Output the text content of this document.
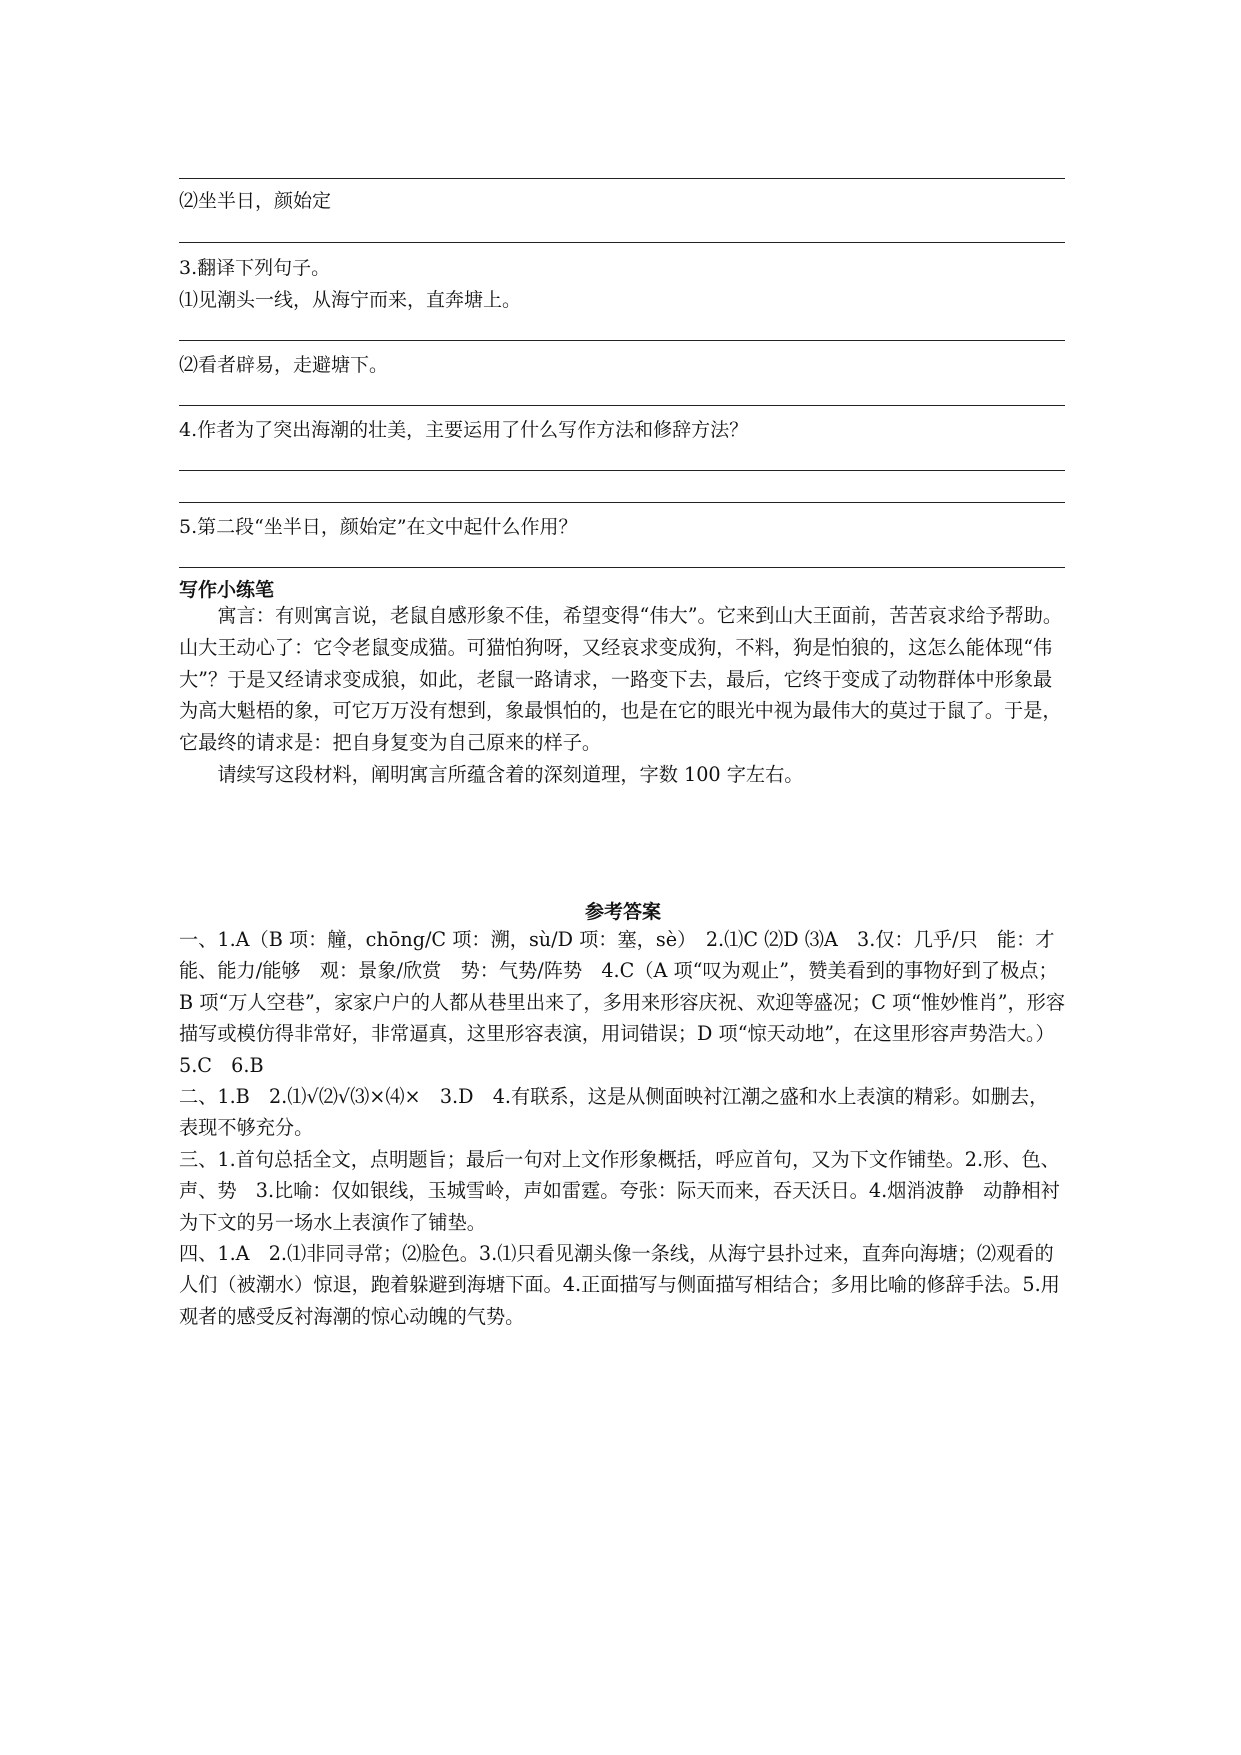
⑵坐半日，颜始定
3.翻译下列句子。
⑴见潮头一线，从海宁而来，直奔塘上。
⑵看者辟易，走避塘下。
4.作者为了突出海潮的壮美，主要运用了什么写作方法和修辞方法？
5.第二段“坐半日，颜始定”在文中起什么作用？
写作小练笔

寓言：有则寓言说，老鼠自感形象不佳，希望变得“伟大”。它来到山大王面前，苦苦哀求给予帮助。山大王动心了：它令老鼠变成猫。可猫怕狗呀，又经哀求变成狗，不料，狗是怕狼的，这怎么能体现“伟大”？于是又经请求变成狼，如此，老鼠一路请求，一路变下去，最后，它终于变成了动物群体中形象最为高大魁梧的象，可它万万没有想到，象最惧怕的，也是在它的眼光中视为最伟大的莫过于鼠了。于是，它最终的请求是：把自身复变为自己原来的样子。

请续写这段材料，阐明寓言所蕴含着的深刻道理，字数 100 字左右。

参考答案

一、1.A（B 项：艟，chōng/C 项：溯，sù/D 项：塞，sè）　2.⑴C ⑵D ⑶A　3.仅：几乎/只　能：才能、能力/能够　观：景象/欣赏　势：气势/阵势　4.C（A 项“叹为观止”，赞美看到的事物好到了极点；B 项“万人空巷”，家家户户的人都从巷里出来了，多用来形容庆祝、欢迎等盛况；C 项“惟妙惟肖”，形容描写或模仿得非常好，非常逼真，这里形容表演，用词错误；D 项“惊天动地”，在这里形容声势浩大。）　5.C　6.B

二、1.B　2.⑴√⑵√⑶×⑷×　3.D　4.有联系，这是从侧面映衬江潮之盛和水上表演的精彩。如删去，表现不够充分。

三、1.首句总括全文，点明题旨；最后一句对上文作形象概括，呼应首句，又为下文作铺垫。2.形、色、声、势　3.比喻：仅如银线，玉城雪岭，声如雷霆。夸张：际天而来，吞天沃日。4.烟消波静　动静相衬　为下文的另一场水上表演作了铺垫。

四、1.A　2.⑴非同寻常；⑵脸色。3.⑴只看见潮头像一条线，从海宁县扑过来，直奔向海塘；⑵观看的人们（被潮水）惊退，跑着躲避到海塘下面。4.正面描写与侧面描写相结合；多用比喻的修辞手法。5.用观者的感受反衬海潮的惊心动魄的气势。
